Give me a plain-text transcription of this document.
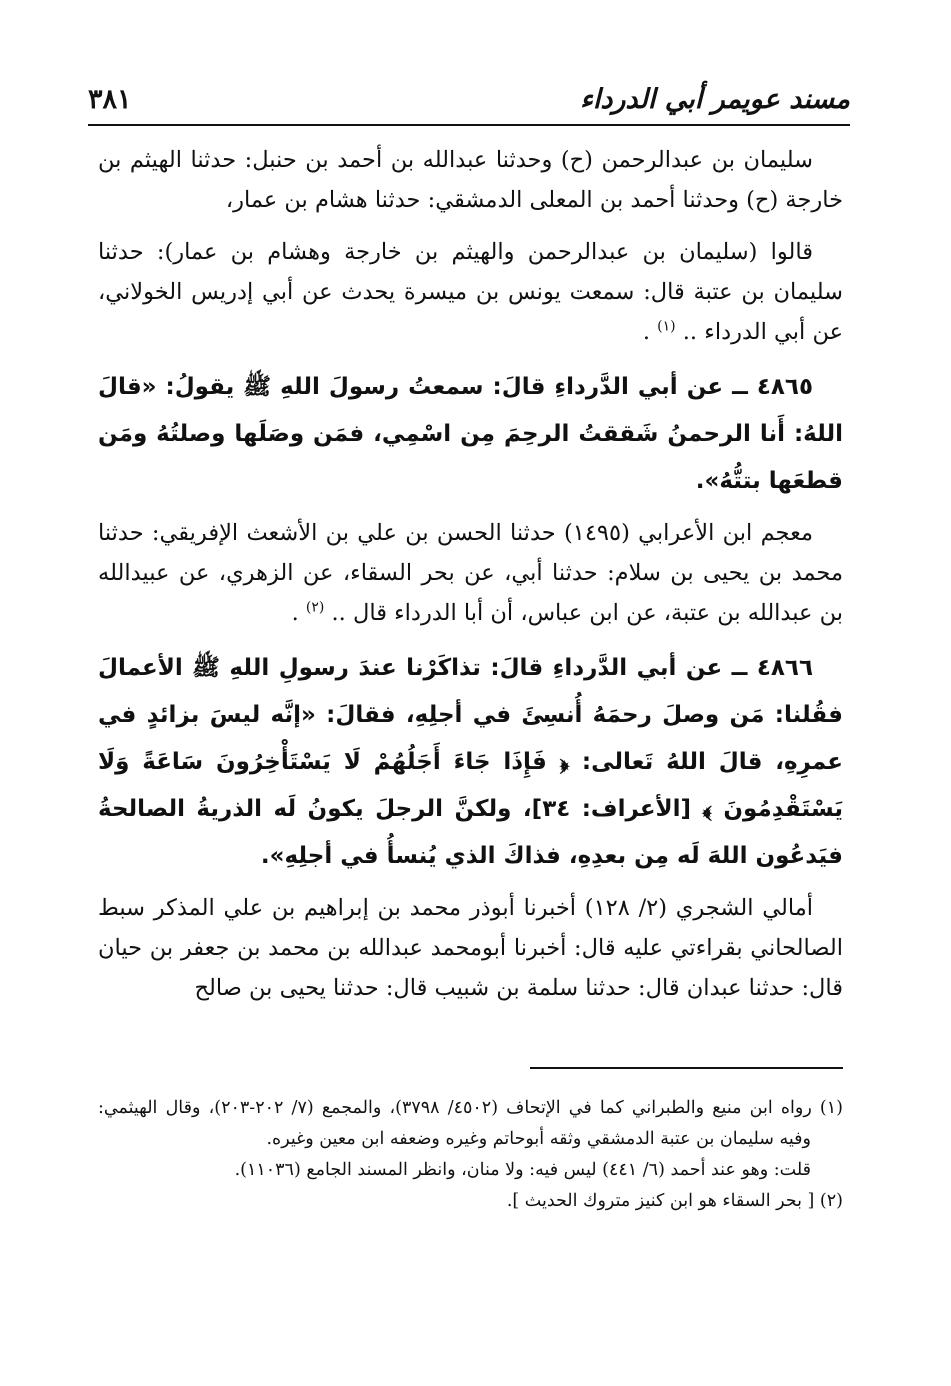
مسند عويمر أبي الدرداء
٣٨١

سليمان بن عبدالرحمن (ح) وحدثنا عبدالله بن أحمد بن حنبل: حدثنا الهيثم بن خارجة (ح) وحدثنا أحمد بن المعلى الدمشقي: حدثنا هشام بن عمار،

قالوا (سليمان بن عبدالرحمن والهيثم بن خارجة وهشام بن عمار): حدثنا سليمان بن عتبة قال: سمعت يونس بن ميسرة يحدث عن أبي إدريس الخولاني، عن أبي الدرداء .. $^{(١)}$ .

٤٨٦٥ ــ عن أبي الدَّرداءِ قالَ: سمعتُ رسولَ اللهِ ﷺ يقولُ: «قالَ اللهُ: أَنا الرحمنُ شَققتُ الرحِمَ مِن اسْمِي، فمَن وصَلَها وصلتُهُ ومَن قطعَها بتتُّهُ».

معجم ابن الأعرابي (١٤٩٥) حدثنا الحسن بن علي بن الأشعث الإفريقي: حدثنا محمد بن يحيى بن سلام: حدثنا أبي، عن بحر السقاء، عن الزهري، عن عبيدالله بن عبدالله بن عتبة، عن ابن عباس، أن أبا الدرداء قال .. $^{(٢)}$ .

٤٨٦٦ ــ عن أبي الدَّرداءِ قالَ: تذاكَرْنا عندَ رسولِ اللهِ ﷺ الأعمالَ فقُلنا: مَن وصلَ رحمَهُ أُنسِئَ في أجلِهِ، فقالَ: «إنَّه ليسَ بزائدٍ في عمرِهِ، قالَ اللهُ تَعالى: ﴿ فَإِذَا جَاءَ أَجَلُهُمْ لَا يَسْتَأْخِرُونَ سَاعَةً وَلَا يَسْتَقْدِمُونَ ﴾ [الأعراف: ٣٤]، ولكنَّ الرجلَ يكونُ لَه الذريةُ الصالحةُ فيَدعُون اللهَ لَه مِن بعدِهِ، فذاكَ الذي يُنسأُ في أجلِهِ».

أمالي الشجري (٢/ ١٢٨) أخبرنا أبوذر محمد بن إبراهيم بن علي المذكر سبط الصالحاني بقراءتي عليه قال: أخبرنا أبومحمد عبدالله بن محمد بن جعفر بن حيان قال: حدثنا عبدان قال: حدثنا سلمة بن شبيب قال: حدثنا يحيى بن صالح

(١) رواه ابن منيع والطبراني كما في الإتحاف (٤٥٠٢/ ٣٧٩٨)، والمجمع (٧/ ٢٠٢-٢٠٣)، وقال الهيثمي: وفيه سليمان بن عتبة الدمشقي وثقه أبوحاتم وغيره وضعفه ابن معين وغيره.

قلت: وهو عند أحمد (٦/ ٤٤١) ليس فيه: ولا منان، وانظر المسند الجامع (١١٠٣٦).

(٢) [ بحر السقاء هو ابن كنيز متروك الحديث ].
